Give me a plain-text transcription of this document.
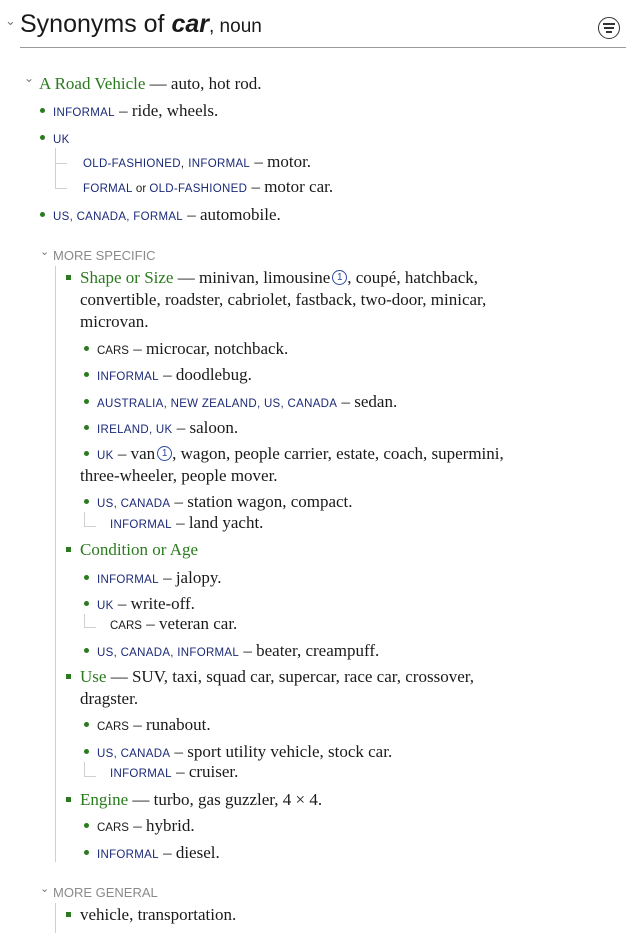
⌄ Synonyms of car, noun
⌄ A Road Vehicle — auto, hot rod.
INFORMAL – ride, wheels.
UK
OLD-FASHIONED, INFORMAL – motor.
FORMAL or OLD-FASHIONED – motor car.
US, CANADA, FORMAL – automobile.
⌄ MORE SPECIFIC
Shape or Size — minivan, limousine 1 , coupé, hatchback,
convertible, roadster, cabriolet, fastback, two-door, minicar,
microvan.
CARS – microcar, notchback.
INFORMAL – doodlebug.
AUSTRALIA, NEW ZEALAND, US, CANADA – sedan.
IRELAND, UK – saloon.
UK – van 1 , wagon, people carrier, estate, coach, supermini,
three-wheeler, people mover.
US, CANADA – station wagon, compact.
INFORMAL – land yacht.
Condition or Age
INFORMAL – jalopy.
UK – write-off.
CARS – veteran car.
US, CANADA, INFORMAL – beater, creampuff.
Use — SUV, taxi, squad car, supercar, race car, crossover,
dragster.
CARS – runabout.
US, CANADA – sport utility vehicle, stock car.
INFORMAL – cruiser.
Engine — turbo, gas guzzler, 4 × 4.
CARS – hybrid.
INFORMAL – diesel.
⌄ MORE GENERAL
vehicle, transportation.
